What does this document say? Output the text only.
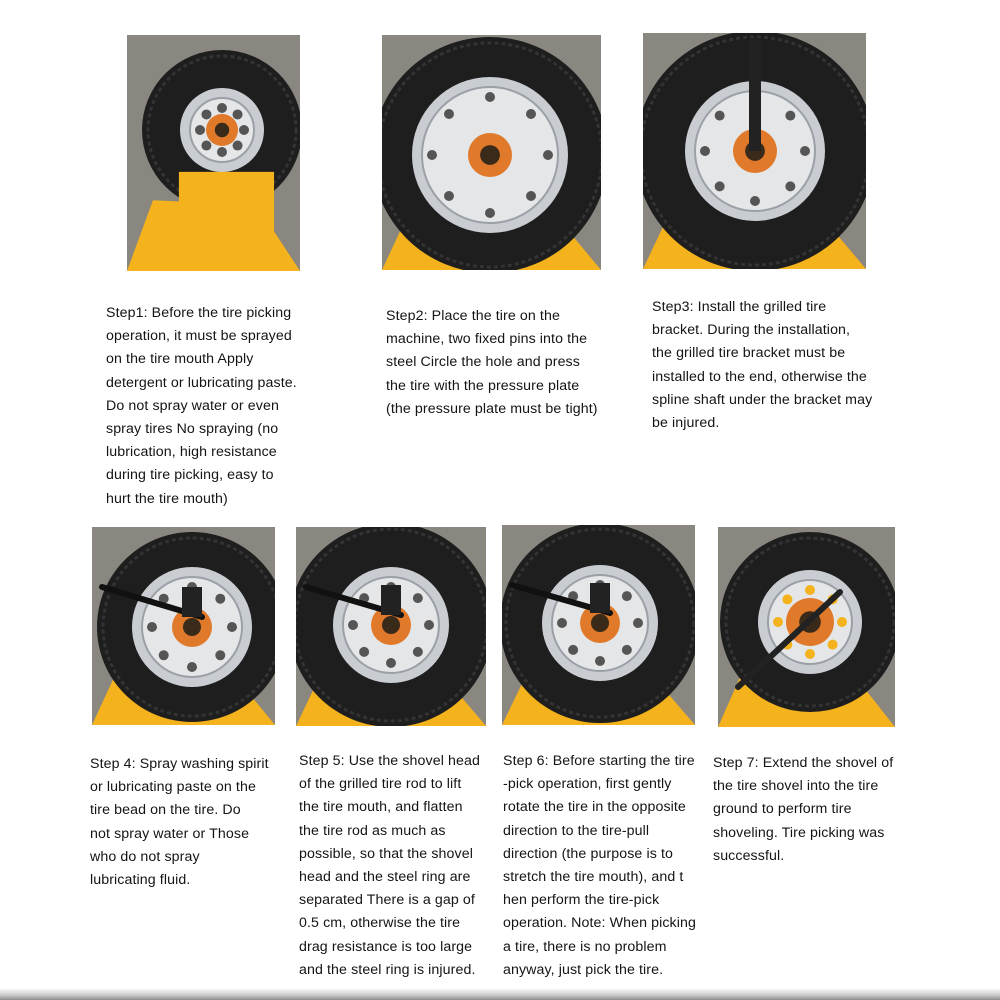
Step1: Before the tire picking
operation, it must be sprayed
on the tire mouth Apply
detergent or lubricating paste.
Do not spray water or even
spray tires No spraying (no
lubrication, high resistance
during tire picking, easy to
hurt the tire mouth)
Step2: Place the tire on the
machine, two fixed pins into the
steel Circle the hole and press
the tire with the pressure plate
(the pressure plate must be tight)
Step3: Install the grilled tire
bracket. During the installation,
the grilled tire bracket must be
installed to the end, otherwise the
spline shaft under the bracket may
be injured.
Step 4: Spray washing spirit
or lubricating paste on the
tire bead on the tire. Do
not spray water or Those
who do not spray
lubricating fluid.
Step 5: Use the shovel head
of the grilled tire rod to lift
the tire mouth, and flatten
the tire rod as much as
possible, so that the shovel
head and the steel ring are
separated There is a gap of
0.5 cm, otherwise the tire
drag resistance is too large
and the steel ring is injured.
Step 6: Before starting the tire
-pick operation, first gently
rotate the tire in the opposite
direction to the tire-pull
direction (the purpose is to
stretch the tire mouth), and t
hen perform the tire-pick
operation. Note: When picking
a tire, there is no problem
anyway, just pick the tire.
Step 7: Extend the shovel of
the tire shovel into the tire
ground to perform tire
shoveling. Tire picking was
successful.
